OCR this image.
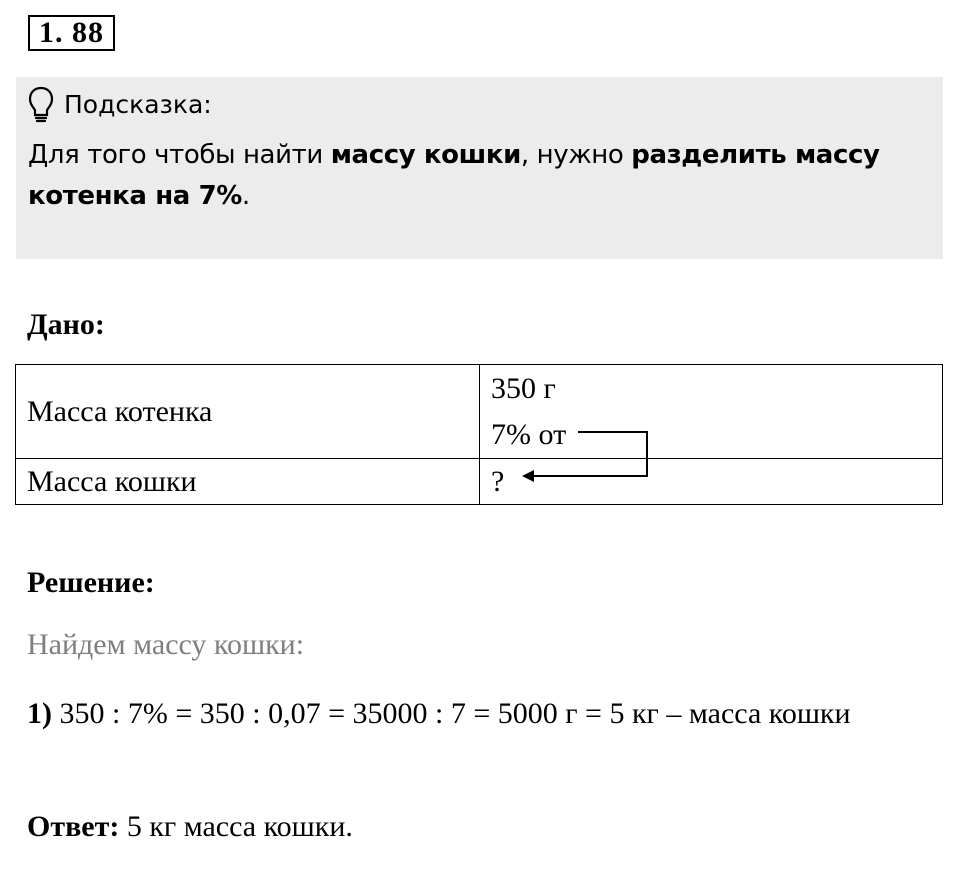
1. 88
Подсказка:
Для того чтобы найти массу кошки, нужно разделить массу котенка на 7%.
Дано:
Масса котенка	350 г
7% от

Масса кошки	?
Решение:
Найдем массу кошки:
1) 350 : 7% = 350 : 0,07 = 35000 : 7 = 5000 г = 5 кг – масса кошки
Ответ: 5 кг масса кошки.
